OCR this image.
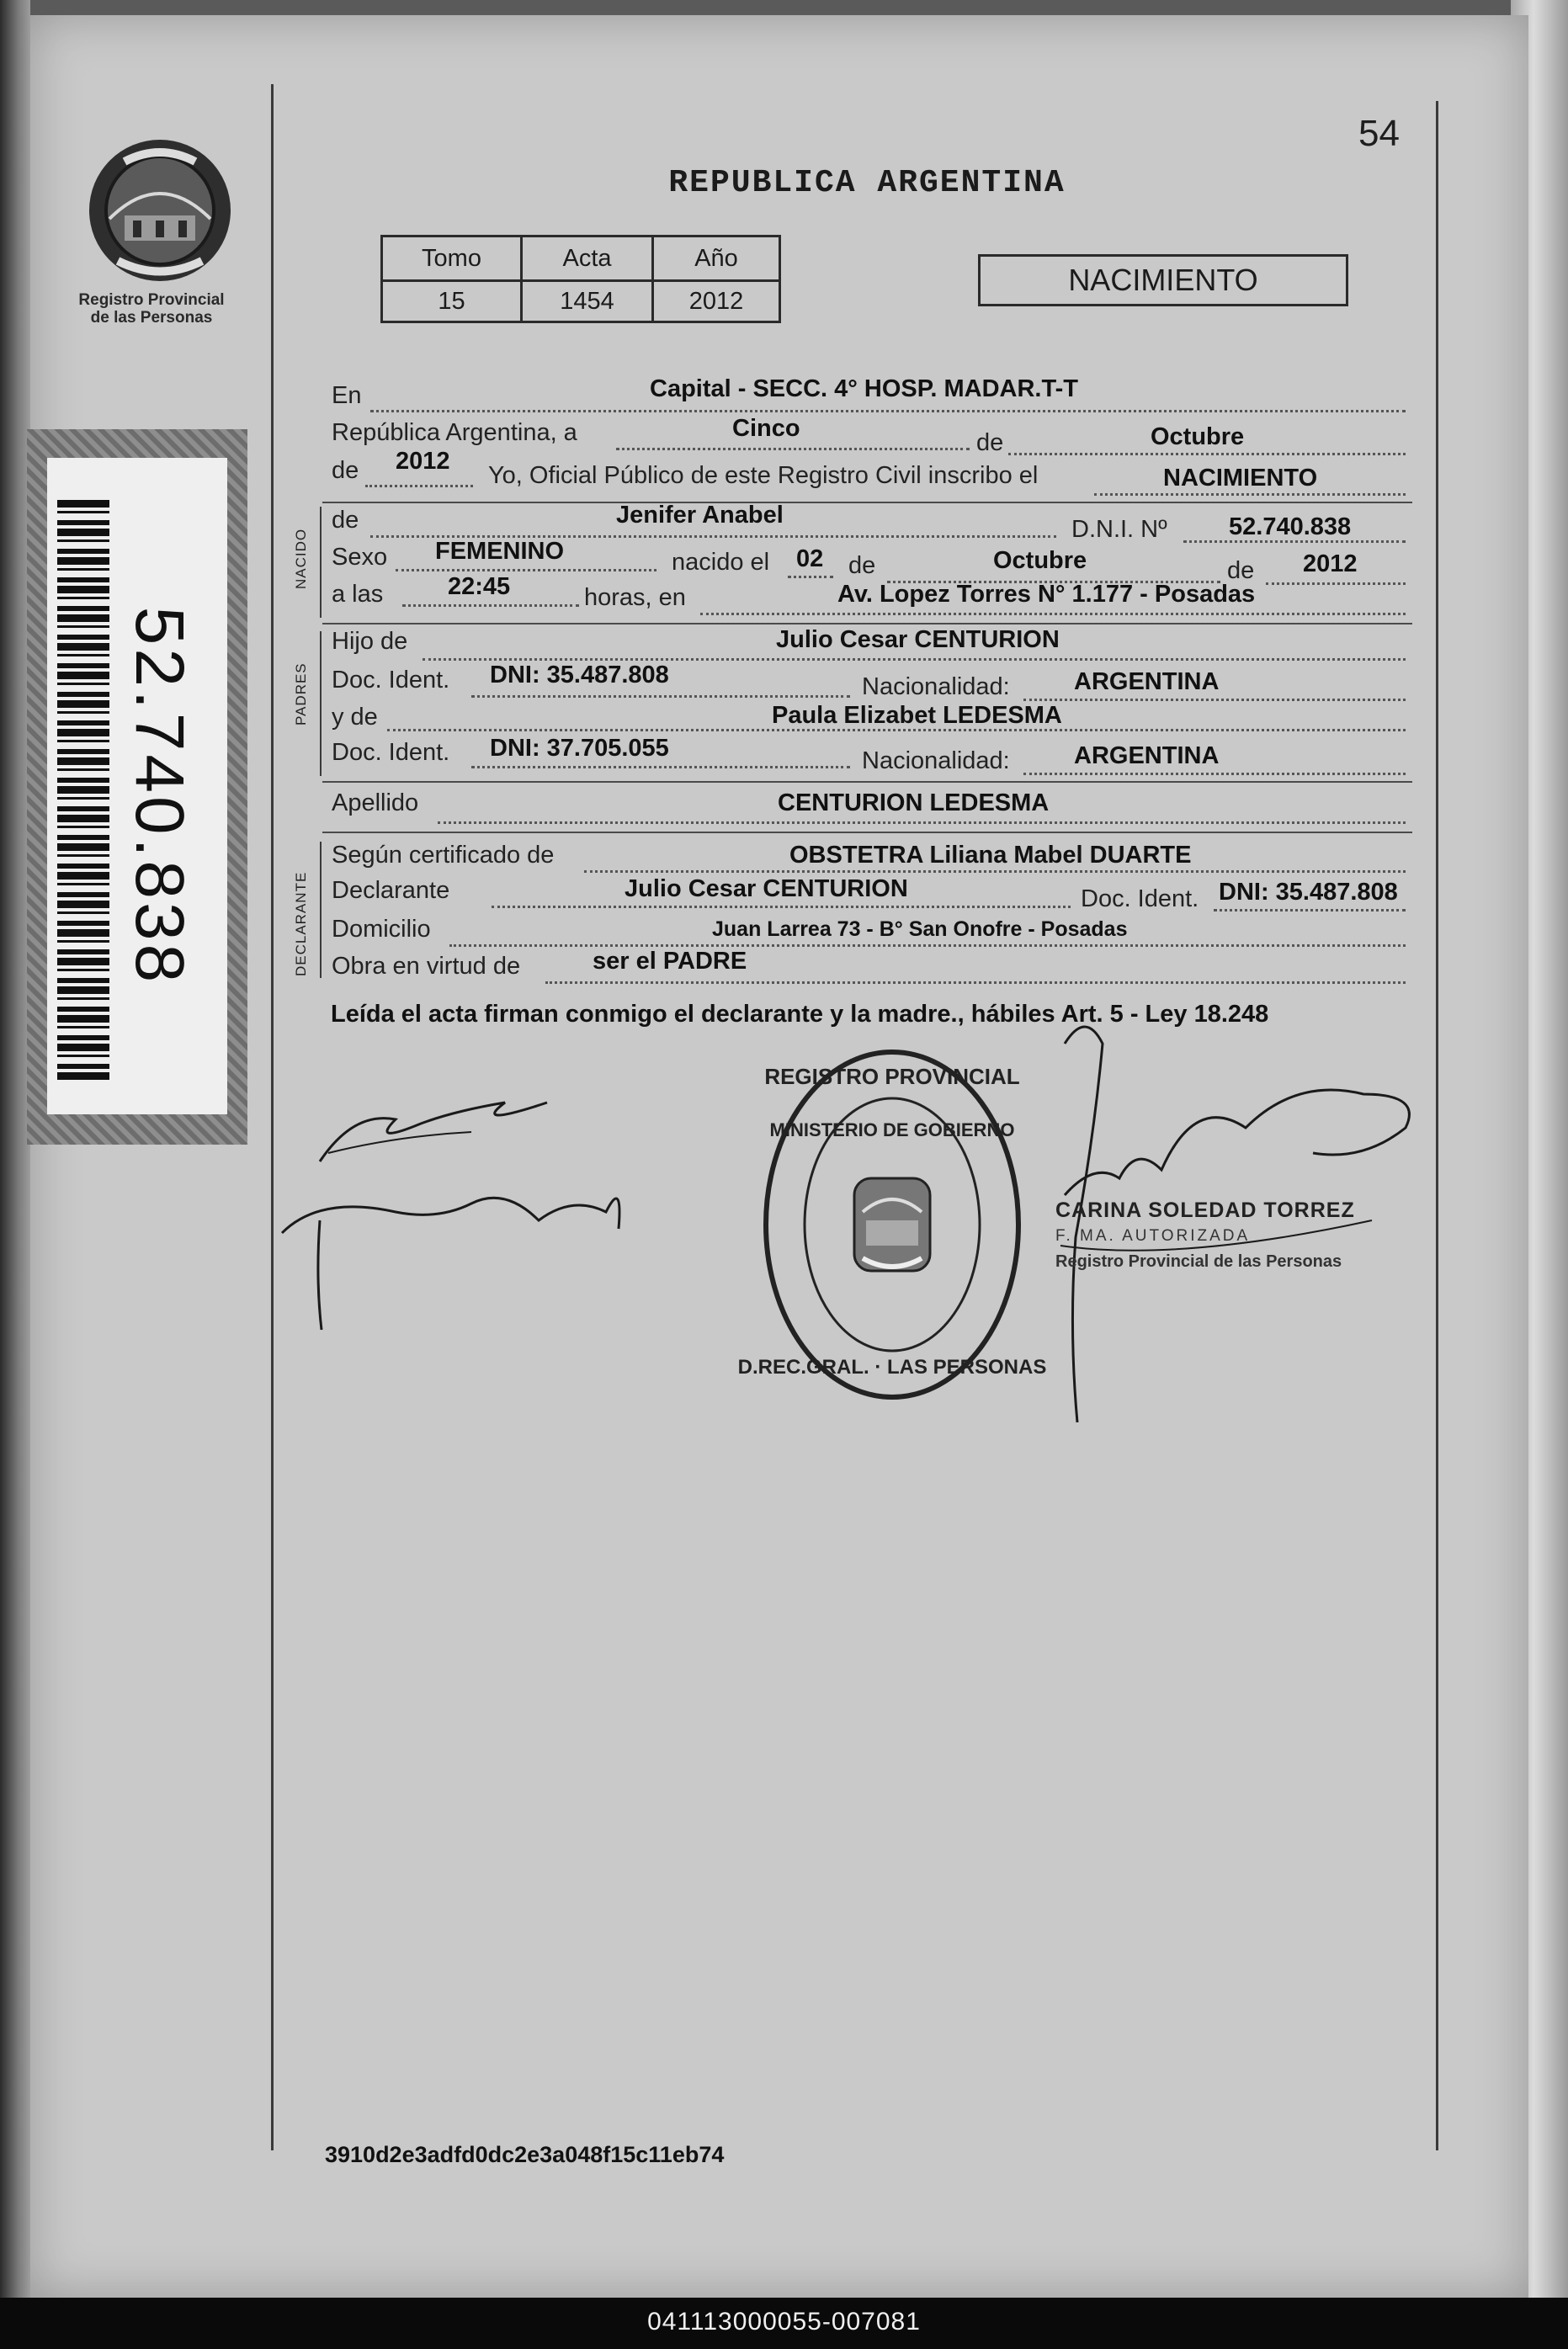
Registro Provincial
de las Personas
52.740.838
54
REPUBLICA ARGENTINA
Tomo	Acta	Año
15	1454	2012
NACIMIENTO
En	Capital - SECC. 4° HOSP. MADAR.T-T
República Argentina, a	Cinco
de	Octubre
de 2012
Yo, Oficial Público de este Registro Civil inscribo el	NACIMIENTO
NACIDO
de	Jenifer Anabel
D.N.I. Nº	52.740.838
Sexo FEMENINO	nacido el 02 de	Octubre	de 2012
a las	22:45	horas, en	Av. Lopez Torres N° 1.177 - Posadas
PADRES
Hijo de	Julio Cesar CENTURION
Doc. Ident. DNI: 35.487.808	Nacionalidad:	ARGENTINA
y de	Paula Elizabet LEDESMA
Doc. Ident. DNI: 37.705.055	Nacionalidad:	ARGENTINA
Apellido	CENTURION LEDESMA
DECLARANTE
Según certificado de	OBSTETRA Liliana Mabel DUARTE
Declarante	Julio Cesar CENTURION	Doc. Ident. DNI: 35.487.808
Domicilio	Juan Larrea 73 - B° San Onofre - Posadas
Obra en virtud de	ser el PADRE
Leída el acta firman conmigo el declarante y la madre., hábiles Art. 5 - Ley 18.248
REGISTRO PROVINCIAL
MINISTERIO DE GOBIERNO
D.REC.GRAL. · LAS PERSONAS
CARINA SOLEDAD TORREZ
F. MA. AUTORIZADA
Registro Provincial de las Personas
3910d2e3adfd0dc2e3a048f15c11eb74
041113000055-007081
